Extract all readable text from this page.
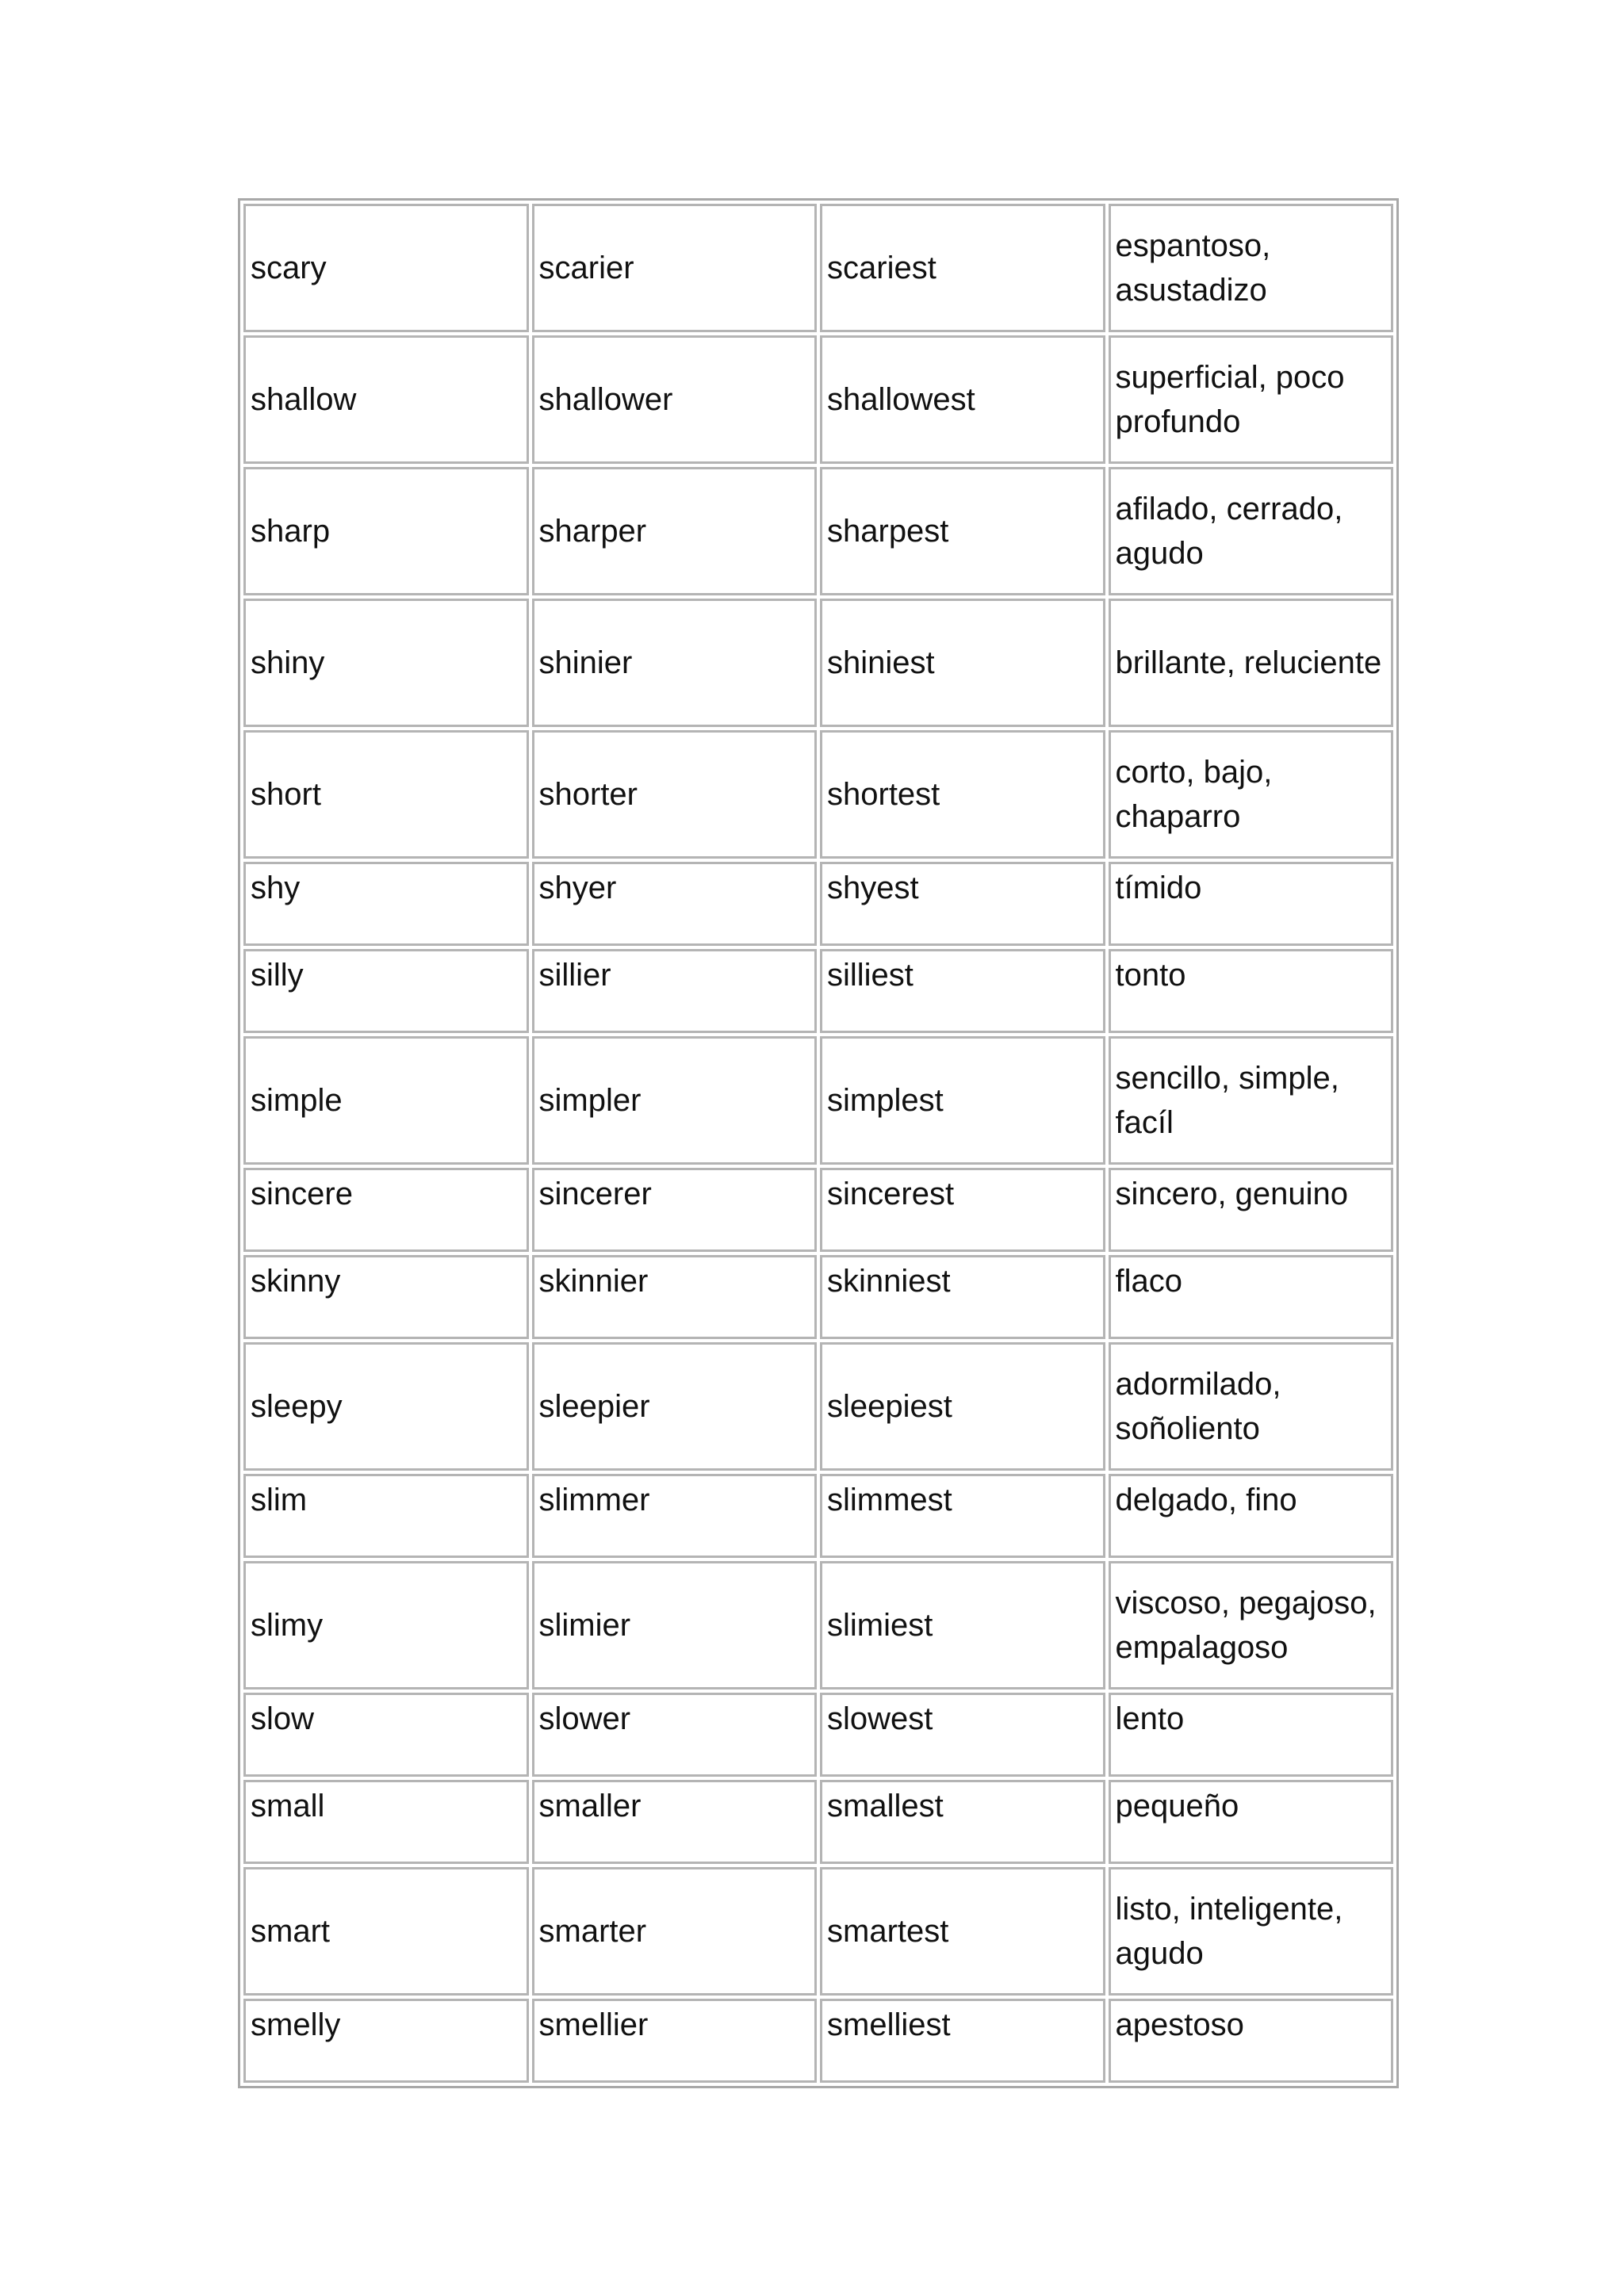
scary	scarier	scariest	espantoso, asustadizo
shallow	shallower	shallowest	superficial, poco profundo
sharp	sharper	sharpest	afilado, cerrado, agudo
shiny	shinier	shiniest	brillante, reluciente
short	shorter	shortest	corto, bajo, chaparro
shy	shyer	shyest	tímido
silly	sillier	silliest	tonto
simple	simpler	simplest	sencillo, simple, facíl
sincere	sincerer	sincerest	sincero, genuino
skinny	skinnier	skinniest	flaco
sleepy	sleepier	sleepiest	adormilado, soñoliento
slim	slimmer	slimmest	delgado, fino
slimy	slimier	slimiest	viscoso, pegajoso, empalagoso
slow	slower	slowest	lento
small	smaller	smallest	pequeño
smart	smarter	smartest	listo, inteligente, agudo
smelly	smellier	smelliest	apestoso
